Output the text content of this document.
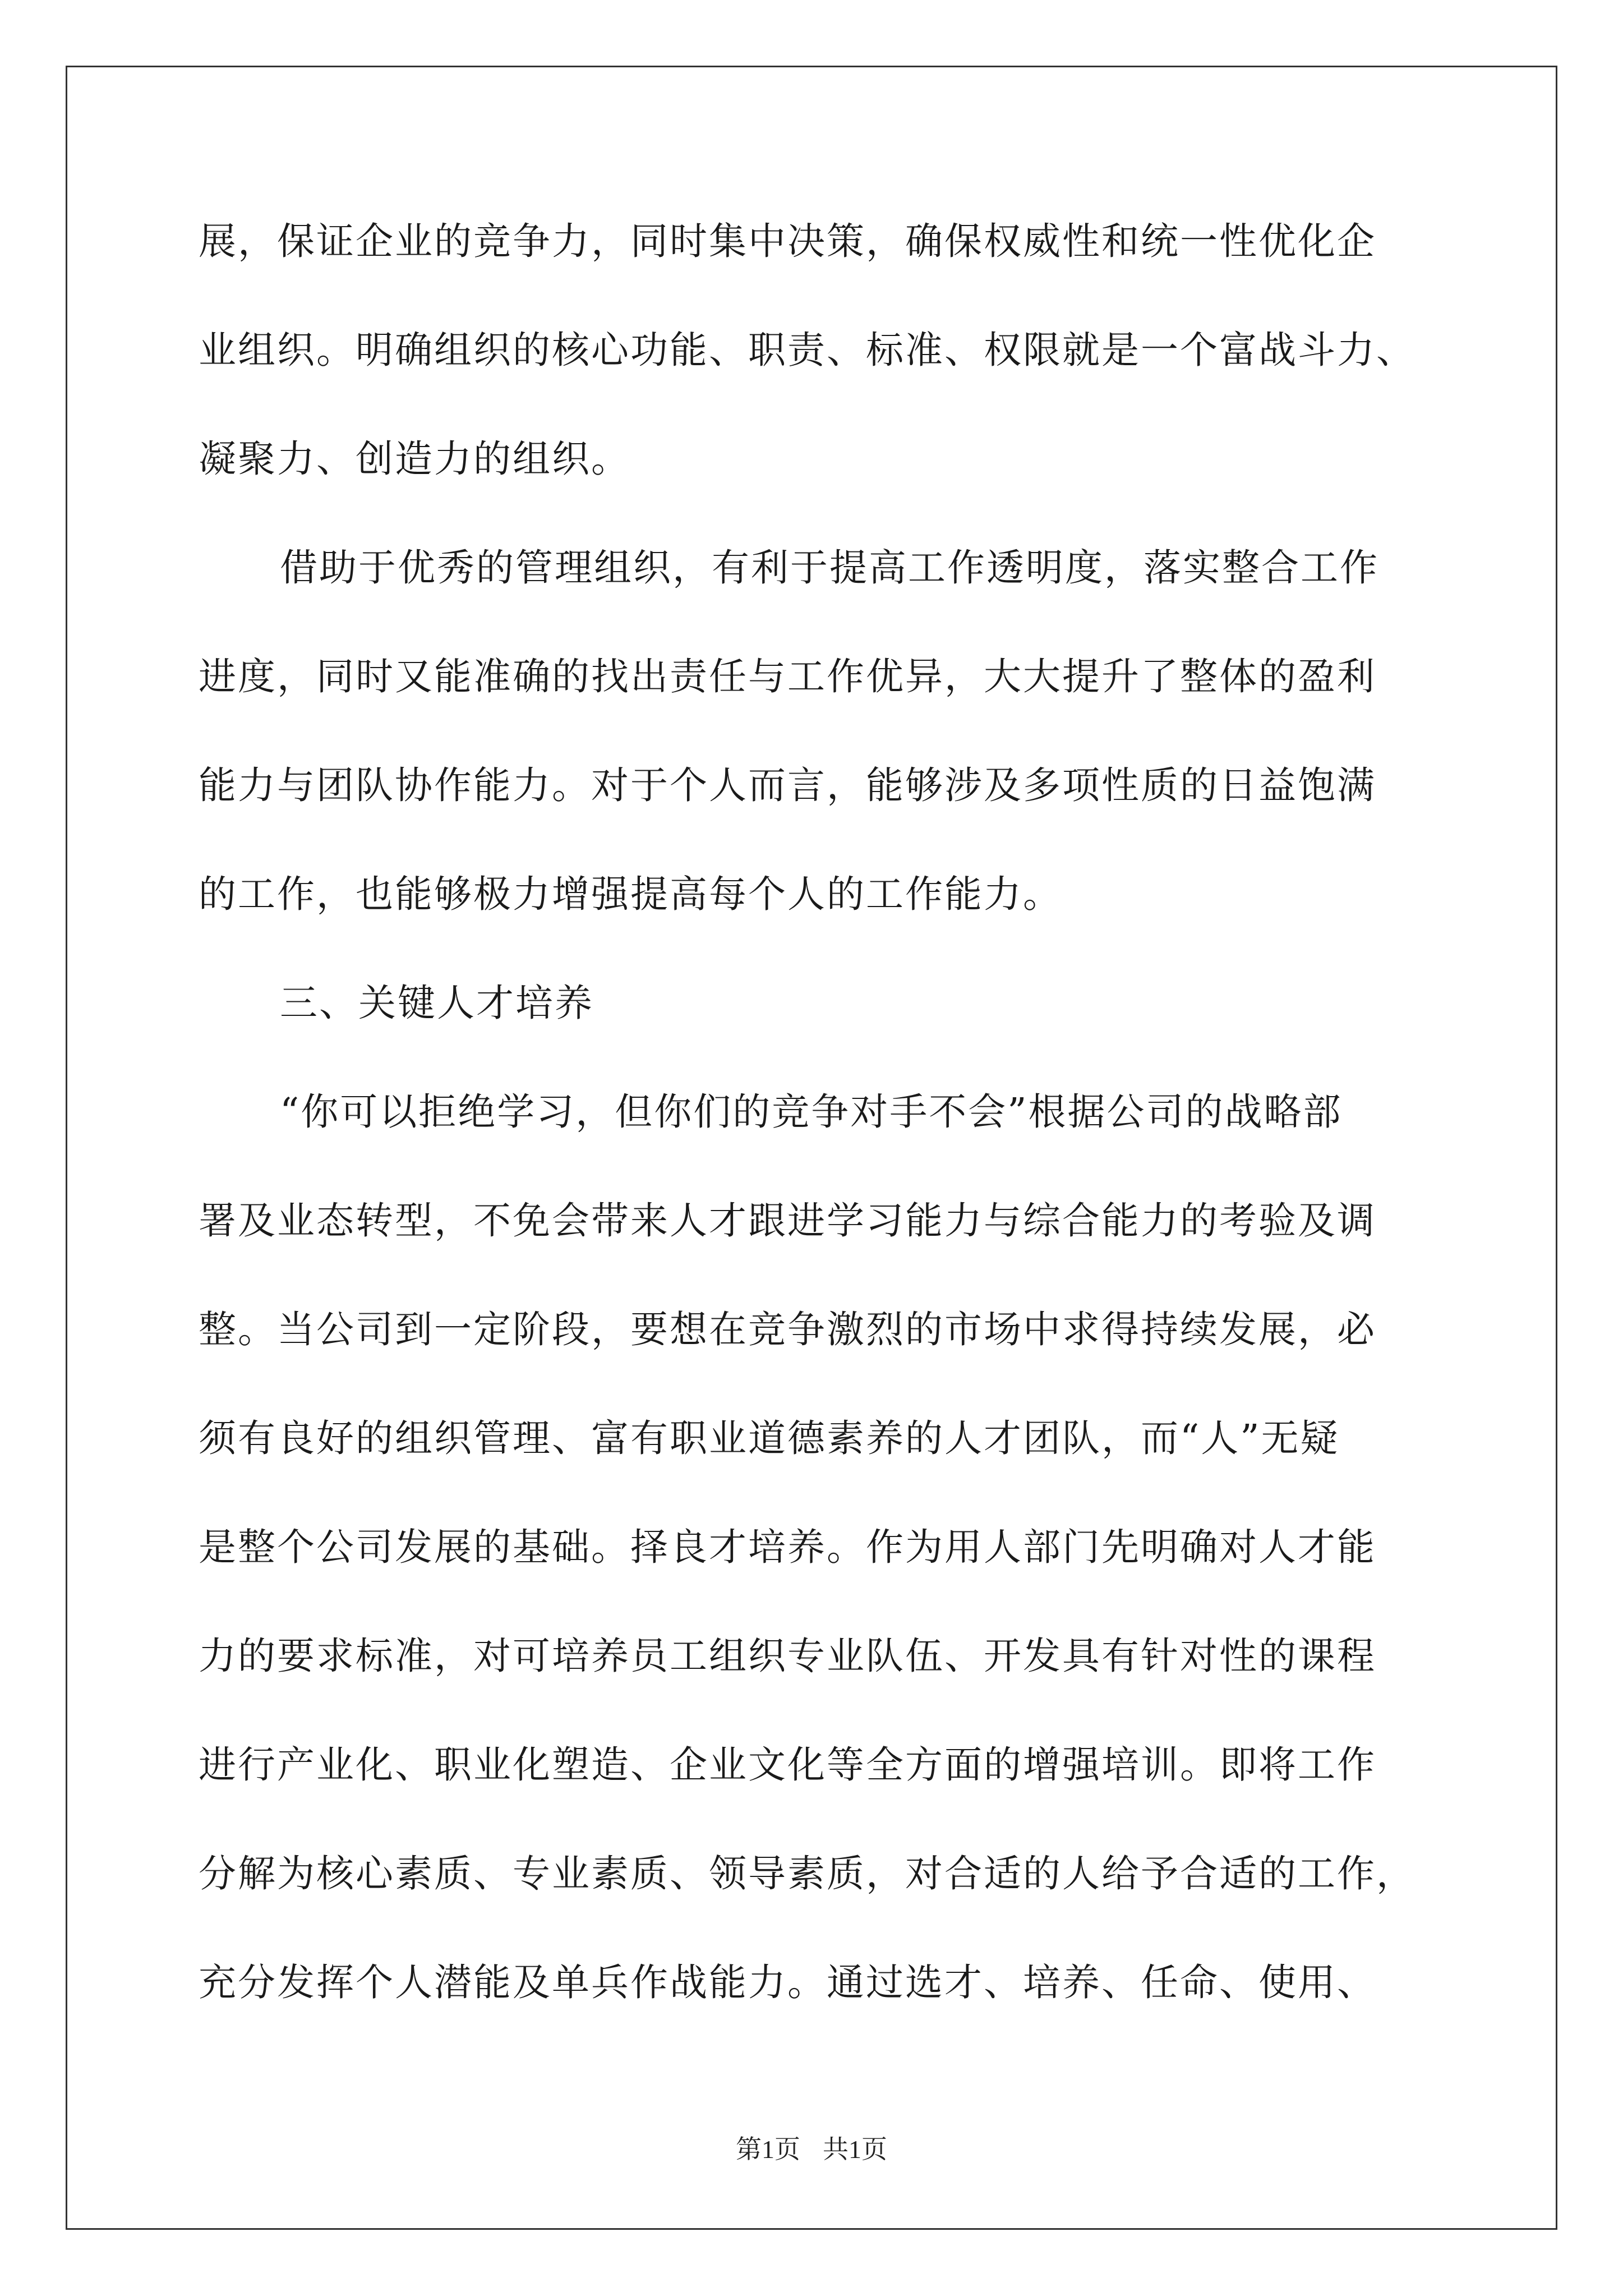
展，保证企业的竞争力，同时集中决策，确保权威性和统一性优化企
业组织。明确组织的核心功能、职责、标准、权限就是一个富战斗力、
凝聚力、创造力的组织。
借助于优秀的管理组织，有利于提高工作透明度，落实整合工作
进度，同时又能准确的找出责任与工作优异，大大提升了整体的盈利
能力与团队协作能力。对于个人而言，能够涉及多项性质的日益饱满
的工作，也能够极力增强提高每个人的工作能力。
三、关键人才培养
“你可以拒绝学习，但你们的竞争对手不会”根据公司的战略部
署及业态转型，不免会带来人才跟进学习能力与综合能力的考验及调
整。当公司到一定阶段，要想在竞争激烈的市场中求得持续发展，必
须有良好的组织管理、富有职业道德素养的人才团队，而“人”无疑
是整个公司发展的基础。择良才培养。作为用人部门先明确对人才能
力的要求标准，对可培养员工组织专业队伍、开发具有针对性的课程
进行产业化、职业化塑造、企业文化等全方面的增强培训。即将工作
分解为核心素质、专业素质、领导素质，对合适的人给予合适的工作，
充分发挥个人潜能及单兵作战能力。通过选才、培养、任命、使用、
第1页 共1页
